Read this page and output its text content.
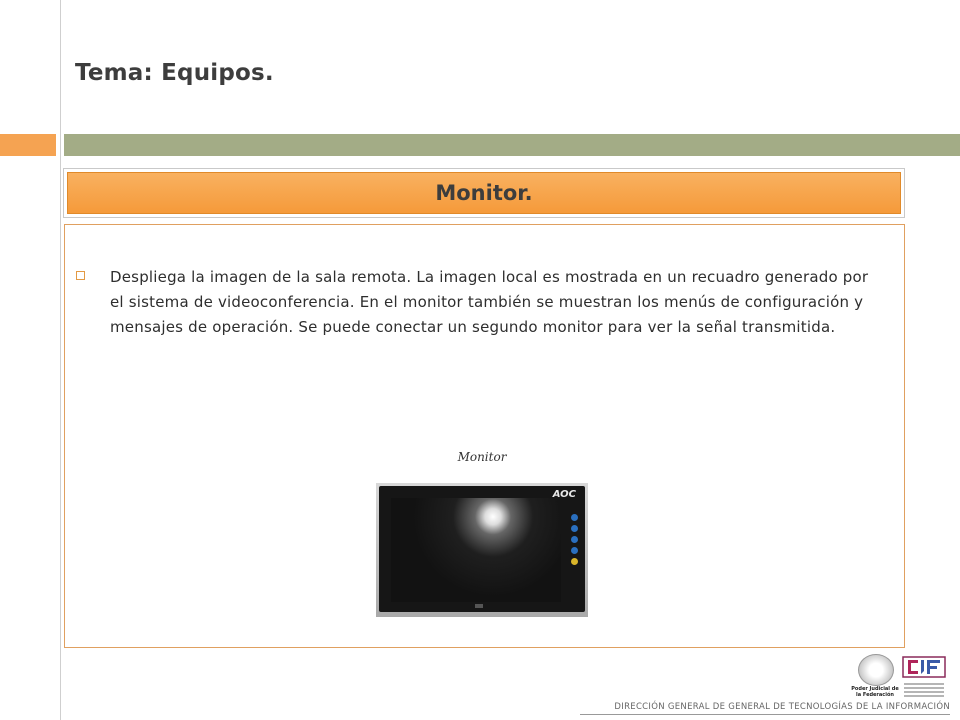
Tema: Equipos.
Monitor.

Despliega la imagen de la sala remota. La imagen local es mostrada en un recuadro generado por el sistema de videoconferencia. En el monitor también se muestran los menús de configuración y mensajes de operación. Se puede conectar un segundo monitor para ver la señal transmitida.

Monitor
AOC
Poder Judicial de la Federación
DIRECCIÓN GENERAL DE GENERAL DE TECNOLOGÍAS DE LA INFORMACIÓN
